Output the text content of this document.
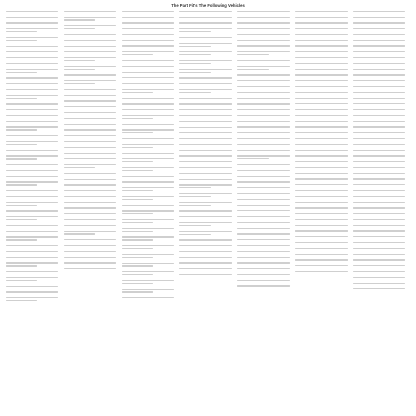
The Part Fit's The Following Vehicles
